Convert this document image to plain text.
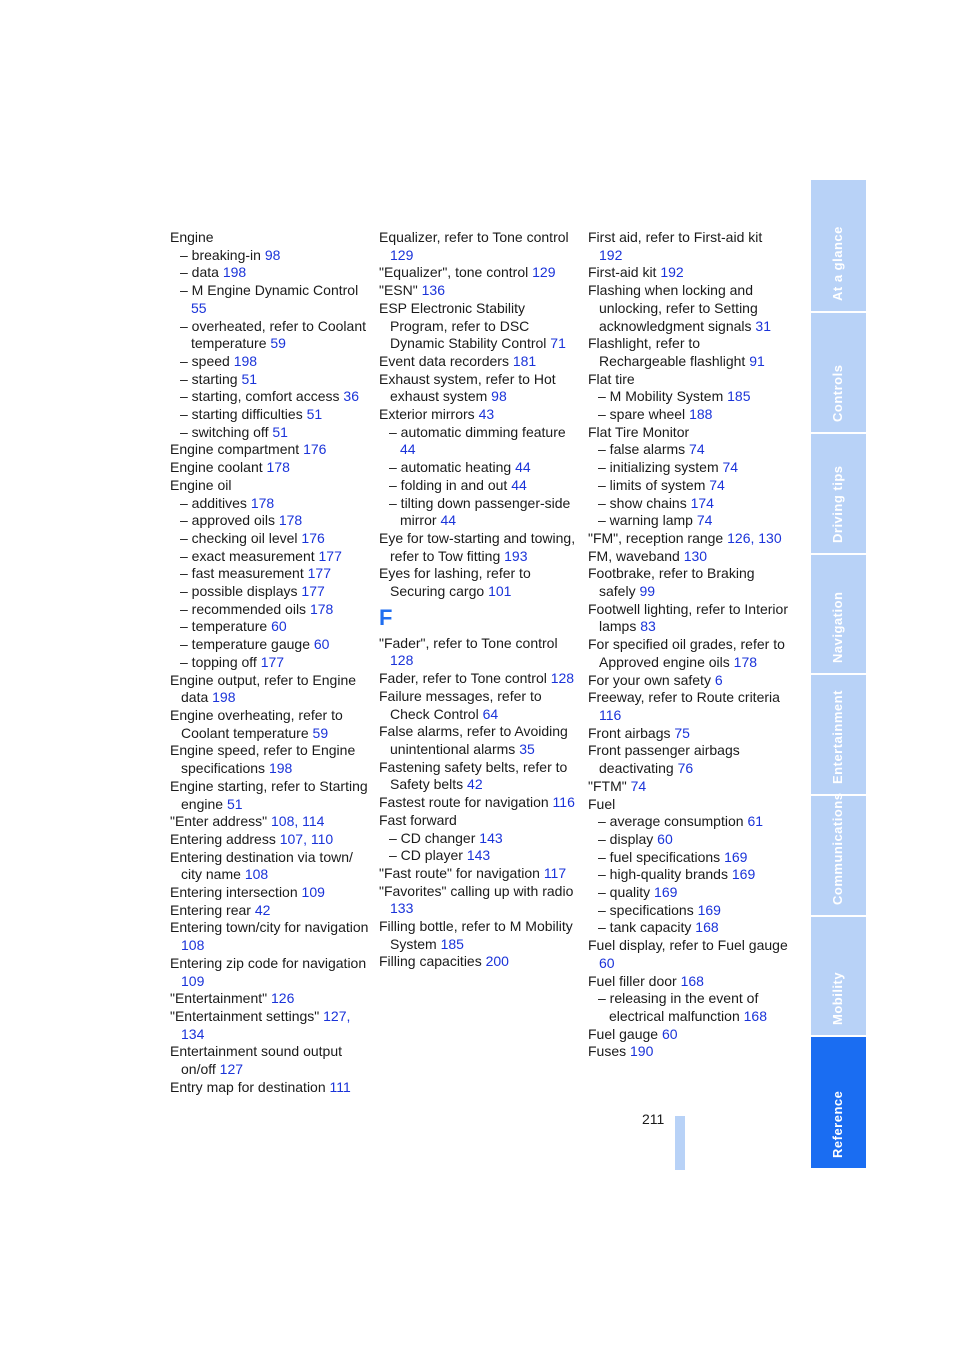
Engine
– breaking-in 98
– data 198
– M Engine Dynamic Control 55
– overheated, refer to Coolant temperature 59
– speed 198
– starting 51
– starting, comfort access 36
– starting difficulties 51
– switching off 51
Engine compartment 176
Engine coolant 178
Engine oil
– additives 178
– approved oils 178
– checking oil level 176
– exact measurement 177
– fast measurement 177
– possible displays 177
– recommended oils 178
– temperature 60
– temperature gauge 60
– topping off 177
Engine output, refer to Engine data 198
Engine overheating, refer to Coolant temperature 59
Engine speed, refer to Engine specifications 198
Engine starting, refer to Starting engine 51
"Enter address" 108, 114
Entering address 107, 110
Entering destination via town/ city name 108
Entering intersection 109
Entering rear 42
Entering town/city for navigation 108
Entering zip code for navigation 109
"Entertainment" 126
"Entertainment settings" 127, 134
Entertainment sound output on/off 127
Entry map for destination 111
Equalizer, refer to Tone control 129
"Equalizer", tone control 129
"ESN" 136
ESP Electronic Stability Program, refer to DSC Dynamic Stability Control 71
Event data recorders 181
Exhaust system, refer to Hot exhaust system 98
Exterior mirrors 43
– automatic dimming feature 44
– automatic heating 44
– folding in and out 44
– tilting down passenger-side mirror 44
Eye for tow-starting and towing, refer to Tow fitting 193
Eyes for lashing, refer to Securing cargo 101
F
"Fader", refer to Tone control 128
Fader, refer to Tone control 128
Failure messages, refer to Check Control 64
False alarms, refer to Avoiding unintentional alarms 35
Fastening safety belts, refer to Safety belts 42
Fastest route for navigation 116
Fast forward
– CD changer 143
– CD player 143
"Fast route" for navigation 117
"Favorites" calling up with radio 133
Filling bottle, refer to M Mobility System 185
Filling capacities 200
First aid, refer to First-aid kit 192
First-aid kit 192
Flashing when locking and unlocking, refer to Setting acknowledgment signals 31
Flashlight, refer to Rechargeable flashlight 91
Flat tire
– M Mobility System 185
– spare wheel 188
Flat Tire Monitor
– false alarms 74
– initializing system 74
– limits of system 74
– show chains 174
– warning lamp 74
"FM", reception range 126, 130
FM, waveband 130
Footbrake, refer to Braking safely 99
Footwell lighting, refer to Interior lamps 83
For specified oil grades, refer to Approved engine oils 178
For your own safety 6
Freeway, refer to Route criteria 116
Front airbags 75
Front passenger airbags deactivating 76
"FTM" 74
Fuel
– average consumption 61
– display 60
– fuel specifications 169
– high-quality brands 169
– quality 169
– specifications 169
– tank capacity 168
Fuel display, refer to Fuel gauge 60
Fuel filler door 168
– releasing in the event of electrical malfunction 168
Fuel gauge 60
Fuses 190
At a glance
Controls
Driving tips
Navigation
Entertainment
Communications
Mobility
Reference
211
